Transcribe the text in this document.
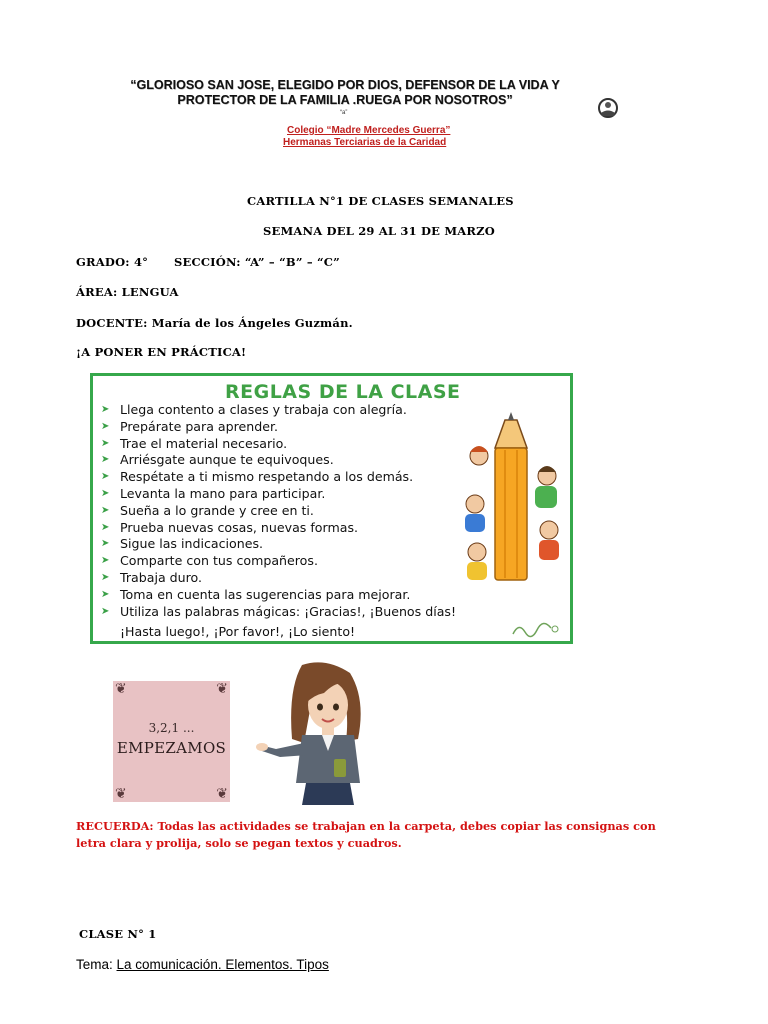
“GLORIOSO SAN JOSE, ELEGIDO POR DIOS, DEFENSOR DE LA VIDA Y
PROTECTOR DE LA FAMILIA .RUEGA POR NOSOTROS”
“a”
Colegio “Madre Mercedes Guerra”
Hermanas Terciarias de la Caridad
CARTILLA N°1 DE CLASES SEMANALES
SEMANA DEL 29 AL 31 DE MARZO
GRADO: 4° SECCIÓN: “A” – “B” – “C”
ÁREA: LENGUA
DOCENTE: María de los Ángeles Guzmán.
¡A PONER EN PRÁCTICA!
REGLAS DE LA CLASE
➤ Llega contento a clases y trabaja con alegría.
➤ Prepárate para aprender.
➤ Trae el material necesario.
➤ Arriésgate aunque te equivoques.
➤ Respétate a ti mismo respetando a los demás.
➤ Levanta la mano para participar.
➤ Sueña a lo grande y cree en ti.
➤ Prueba nuevas cosas, nuevas formas.
➤ Sigue las indicaciones.
➤ Comparte con tus compañeros.
➤ Trabaja duro.
➤ Toma en cuenta las sugerencias para mejorar.
➤ Utiliza las palabras mágicas: ¡Gracias!, ¡Buenos días!
¡Hasta luego!, ¡Por favor!, ¡Lo siento!
❦	❦
❦	❦
3,2,1 ...
EMPEZAMOS
RECUERDA: Todas las actividades se trabajan en la carpeta, debes copiar las consignas con letra clara y prolija, solo se pegan textos y cuadros.
CLASE N° 1
Tema: La comunicación. Elementos. Tipos
